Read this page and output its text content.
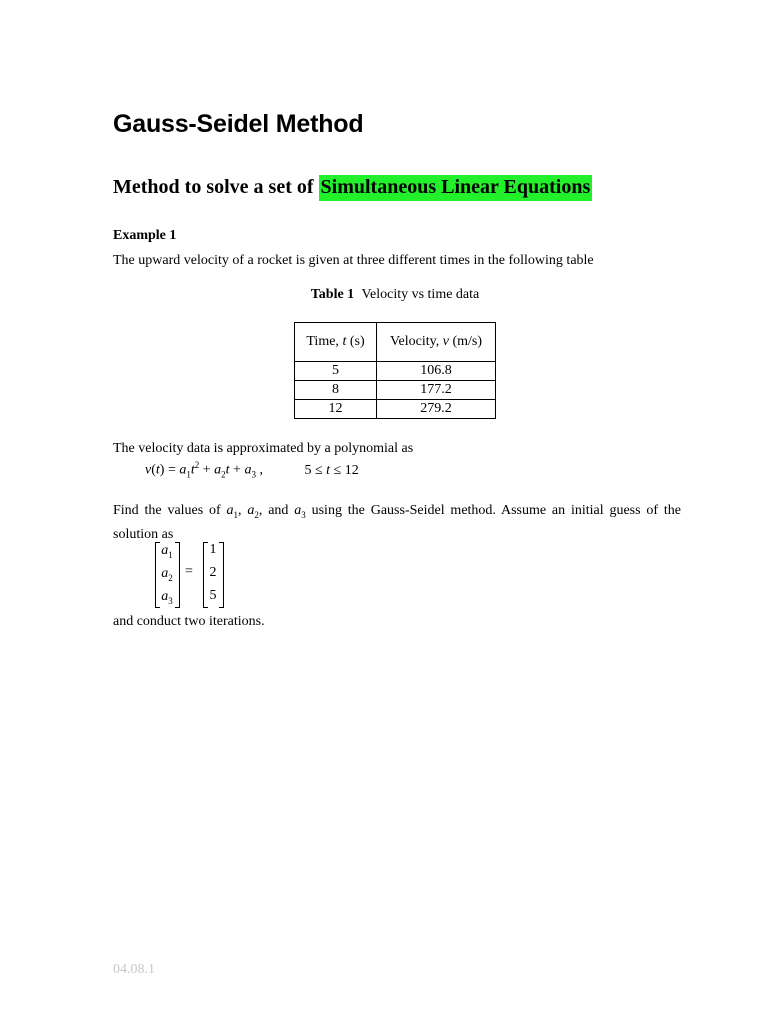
Gauss-Seidel Method
Method to solve a set of Simultaneous Linear Equations
Example 1
The upward velocity of a rocket is given at three different times in the following table
Table 1 Velocity vs time data
Time, t (s)	Velocity, v (m/s)
5	106.8
8	177.2
12	279.2
The velocity data is approximated by a polynomial as
$v(t) = a_1t^2 + a_2t + a_3$ ,	5 ≤ t ≤ 12
Find the values of $a_1$, $a_2$, and $a_3$ using the Gauss-Seidel method. Assume an initial guess of the solution as
$a_1$
$a_2$
$a_3$
=
1
2
5
and conduct two iterations.
04.08.1
